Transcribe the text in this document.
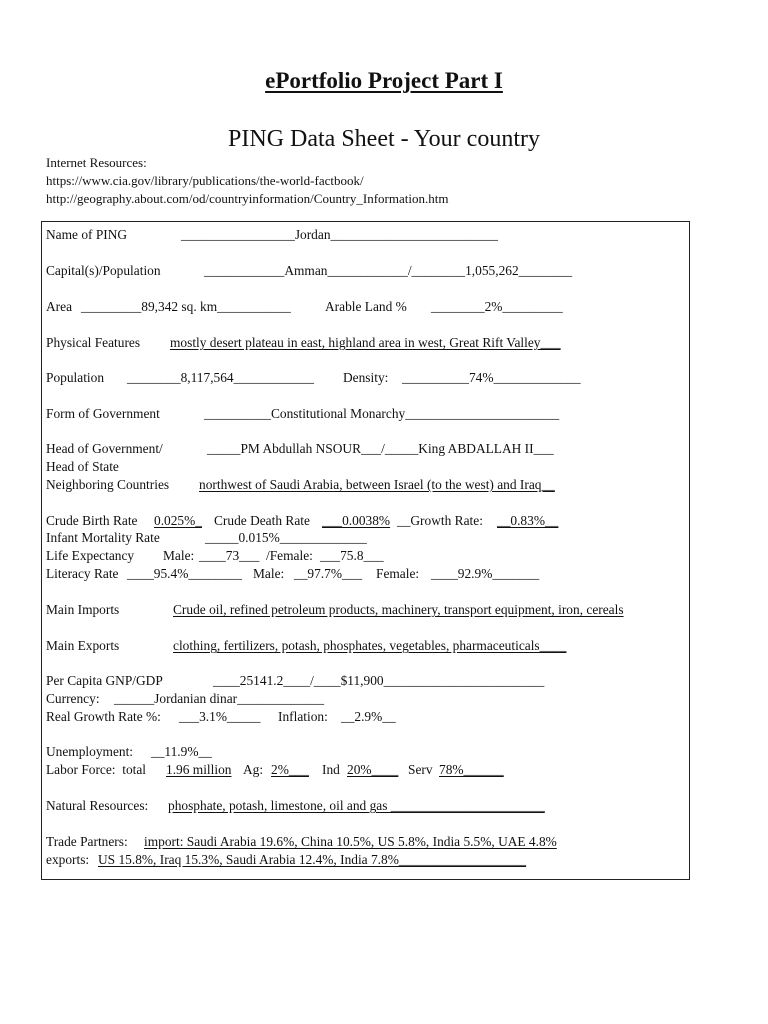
ePortfolio Project Part I
PING Data Sheet - Your country
Internet Resources:
https://www.cia.gov/library/publications/the-world-factbook/
http://geography.about.com/od/countryinformation/Country_Information.htm
Name of PING	_________________Jordan_________________________
Capital(s)/Population	____________Amman____________/________1,055,262________
Area _________89,342 sq. km___________	Arable Land % ________2%_________
Physical Features mostly desert plateau in east, highland area in west, Great Rift Valley___
Population ________8,117,564____________ Density: __________74%_____________
Form of Government	__________Constitutional Monarchy_______________________
Head of Government/	_____PM Abdullah NSOUR___/_____King ABDALLAH II___
Head of State
Neighboring Countries northwest of Saudi Arabia, between Israel (to the west) and Iraq__
Crude Birth Rate 0.025%_ Crude Death Rate ___0.0038% __Growth Rate: __0.83%__
Infant Mortality Rate	_____0.015%_____________
Life Expectancy Male: ____73___ /Female: ___75.8___
Literacy Rate ____95.4%________ Male: __97.7%___ Female: ____92.9%_______
Main Imports	Crude oil, refined petroleum products, machinery, transport equipment, iron, cereals
Main Exports	clothing, fertilizers, potash, phosphates, vegetables, pharmaceuticals____
Per Capita GNP/GDP	____25141.2____/____$11,900________________________
Currency: ______Jordanian dinar_____________
Real Growth Rate %: ___3.1%_____ Inflation: __2.9%__
Unemployment: __11.9%__
Labor Force:  total 1.96 million Ag: 2%___ Ind 20%____ Serv 78%______
Natural Resources: phosphate, potash, limestone, oil and gas _______________________
Trade Partners: import: Saudi Arabia 19.6%, China 10.5%, US 5.8%, India 5.5%, UAE 4.8%
exports: US 15.8%, Iraq 15.3%, Saudi Arabia 12.4%, India 7.8%___________________
